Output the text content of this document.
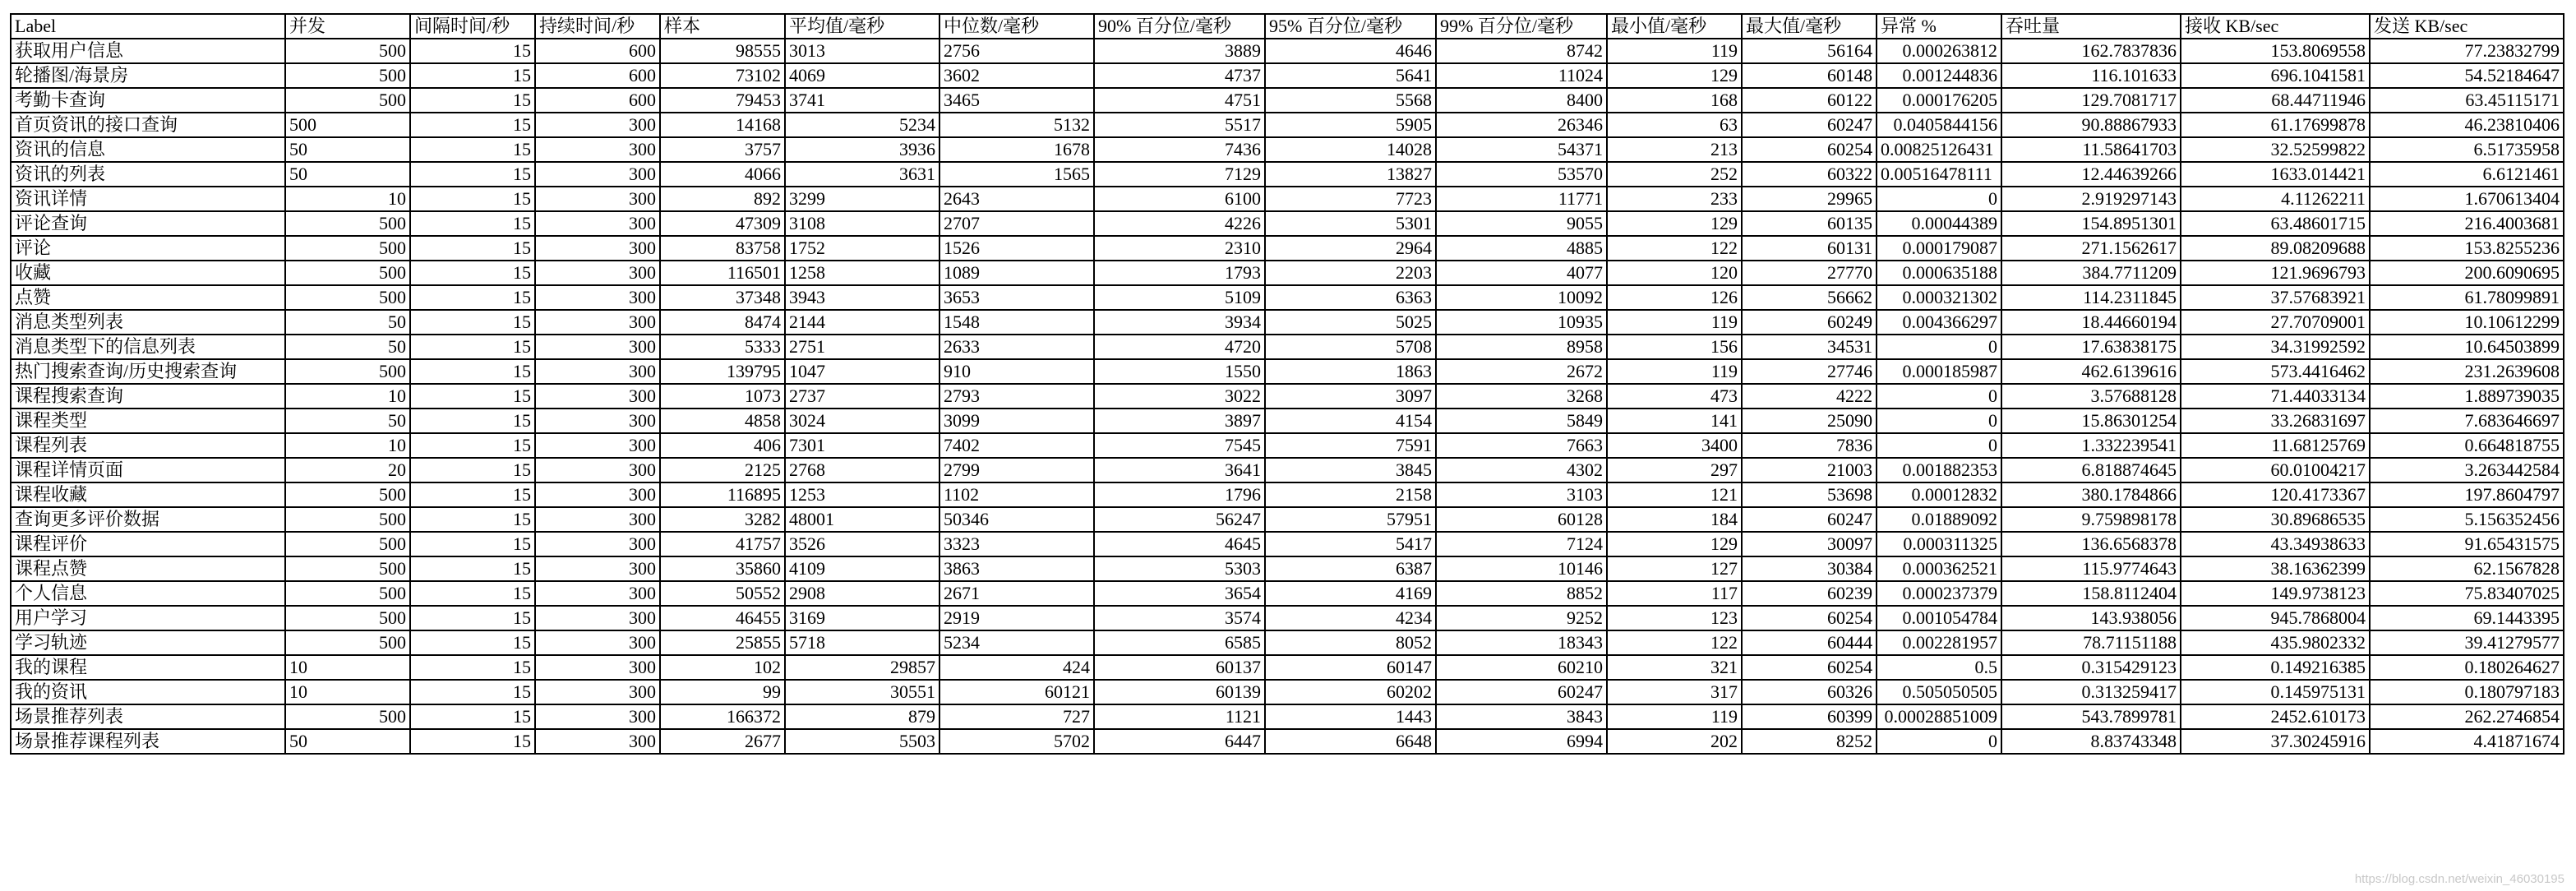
Label	并发	间隔时间/秒	持续时间/秒	样本	平均值/毫秒	中位数/毫秒	90% 百分位/毫秒	95% 百分位/毫秒	99% 百分位/毫秒	最小值/毫秒	最大值/毫秒	异常 %	吞吐量	接收 KB/sec	发送 KB/sec
获取用户信息	500	15	600	98555	3013	2756	3889	4646	8742	119	56164	0.000263812	162.7837836	153.8069558	77.23832799
轮播图/海景房	500	15	600	73102	4069	3602	4737	5641	11024	129	60148	0.001244836	116.101633	696.1041581	54.52184647
考勤卡查询	500	15	600	79453	3741	3465	4751	5568	8400	168	60122	0.000176205	129.7081717	68.44711946	63.45115171
首页资讯的接口查询	500	15	300	14168	5234	5132	5517	5905	26346	63	60247	0.0405844156	90.88867933	61.17699878	46.23810406
资讯的信息	50	15	300	3757	3936	1678	7436	14028	54371	213	60254	0.00825126431	11.58641703	32.52599822	6.51735958
资讯的列表	50	15	300	4066	3631	1565	7129	13827	53570	252	60322	0.00516478111	12.44639266	1633.014421	6.6121461
资讯详情	10	15	300	892	3299	2643	6100	7723	11771	233	29965	0	2.919297143	4.11262211	1.670613404
评论查询	500	15	300	47309	3108	2707	4226	5301	9055	129	60135	0.00044389	154.8951301	63.48601715	216.4003681
评论	500	15	300	83758	1752	1526	2310	2964	4885	122	60131	0.000179087	271.1562617	89.08209688	153.8255236
收藏	500	15	300	116501	1258	1089	1793	2203	4077	120	27770	0.000635188	384.7711209	121.9696793	200.6090695
点赞	500	15	300	37348	3943	3653	5109	6363	10092	126	56662	0.000321302	114.2311845	37.57683921	61.78099891
消息类型列表	50	15	300	8474	2144	1548	3934	5025	10935	119	60249	0.004366297	18.44660194	27.70709001	10.10612299
消息类型下的信息列表	50	15	300	5333	2751	2633	4720	5708	8958	156	34531	0	17.63838175	34.31992592	10.64503899
热门搜索查询/历史搜索查询	500	15	300	139795	1047	910	1550	1863	2672	119	27746	0.000185987	462.6139616	573.4416462	231.2639608
课程搜索查询	10	15	300	1073	2737	2793	3022	3097	3268	473	4222	0	3.57688128	71.44033134	1.889739035
课程类型	50	15	300	4858	3024	3099	3897	4154	5849	141	25090	0	15.86301254	33.26831697	7.683646697
课程列表	10	15	300	406	7301	7402	7545	7591	7663	3400	7836	0	1.332239541	11.68125769	0.664818755
课程详情页面	20	15	300	2125	2768	2799	3641	3845	4302	297	21003	0.001882353	6.818874645	60.01004217	3.263442584
课程收藏	500	15	300	116895	1253	1102	1796	2158	3103	121	53698	0.00012832	380.1784866	120.4173367	197.8604797
查询更多评价数据	500	15	300	3282	48001	50346	56247	57951	60128	184	60247	0.01889092	9.759898178	30.89686535	5.156352456
课程评价	500	15	300	41757	3526	3323	4645	5417	7124	129	30097	0.000311325	136.6568378	43.34938633	91.65431575
课程点赞	500	15	300	35860	4109	3863	5303	6387	10146	127	30384	0.000362521	115.9774643	38.16362399	62.1567828
个人信息	500	15	300	50552	2908	2671	3654	4169	8852	117	60239	0.000237379	158.8112404	149.9738123	75.83407025
用户学习	500	15	300	46455	3169	2919	3574	4234	9252	123	60254	0.001054784	143.938056	945.7868004	69.1443395
学习轨迹	500	15	300	25855	5718	5234	6585	8052	18343	122	60444	0.002281957	78.71151188	435.9802332	39.41279577
我的课程	10	15	300	102	29857	424	60137	60147	60210	321	60254	0.5	0.315429123	0.149216385	0.180264627
我的资讯	10	15	300	99	30551	60121	60139	60202	60247	317	60326	0.505050505	0.313259417	0.145975131	0.180797183
场景推荐列表	500	15	300	166372	879	727	1121	1443	3843	119	60399	0.00028851009	543.7899781	2452.610173	262.2746854
场景推荐课程列表	50	15	300	2677	5503	5702	6447	6648	6994	202	8252	0	8.83743348	37.30245916	4.41871674
https://blog.csdn.net/weixin_46030195
